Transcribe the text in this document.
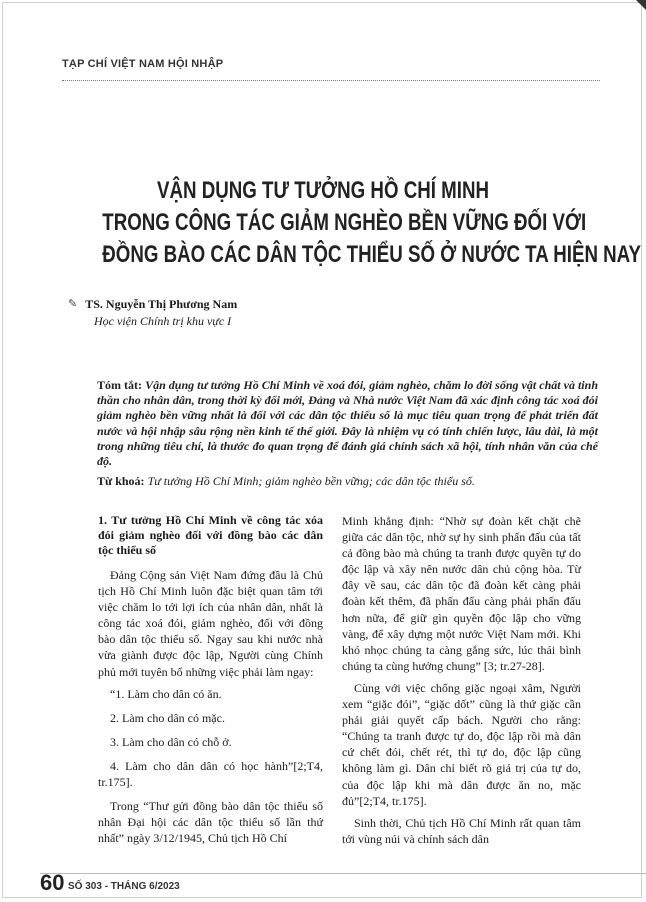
TẠP CHÍ VIỆT NAM HỘI NHẬP
VẬN DỤNG TƯ TƯỞNG HỒ CHÍ MINH
TRONG CÔNG TÁC GIẢM NGHÈO BỀN VỮNG ĐỐI VỚI
ĐỒNG BÀO CÁC DÂN TỘC THIỂU SỐ Ở NƯỚC TA HIỆN NAY
✎ TS. Nguyễn Thị Phương Nam
Học viện Chính trị khu vực I
Tóm tắt: Vận dụng tư tưởng Hồ Chí Minh về xoá đói, giảm nghèo, chăm lo đời sống vật chất và tinh thần cho nhân dân, trong thời kỳ đổi mới, Đảng và Nhà nước Việt Nam đã xác định công tác xoá đói giảm nghèo bền vững nhất là đối với các dân tộc thiểu số là mục tiêu quan trọng để phát triển đất nước và hội nhập sâu rộng nền kinh tế thế giới. Đây là nhiệm vụ có tính chiến lược, lâu dài, là một trong những tiêu chí, là thước đo quan trọng để đánh giá chính sách xã hội, tính nhân văn của chế độ.
Từ khoá: Tư tưởng Hồ Chí Minh; giảm nghèo bền vững; các dân tộc thiểu số.
1. Tư tưởng Hồ Chí Minh về công tác xóa đói giảm nghèo đối với đồng bào các dân tộc thiểu số

Đảng Cộng sản Việt Nam đứng đầu là Chủ tịch Hồ Chí Minh luôn đặc biệt quan tâm tới việc chăm lo tới lợi ích của nhân dân, nhất là công tác xoá đói, giảm nghèo, đối với đồng bào dân tộc thiểu số. Ngay sau khi nước nhà vừa giành được độc lập, Người cùng Chính phủ mới tuyên bố những việc phải làm ngay:

“1. Làm cho dân có ăn.

2. Làm cho dân có mặc.

3. Làm cho dân có chỗ ở.

4. Làm cho dân dân có học hành”[2;T4, tr.175].

Trong “Thư gửi đồng bào dân tộc thiểu số nhân Đại hội các dân tộc thiểu số lần thứ nhất” ngày 3/12/1945, Chủ tịch Hồ Chí

Minh khẳng định: “Nhờ sự đoàn kết chặt chẽ giữa các dân tộc, nhờ sự hy sinh phấn đấu của tất cả đồng bào mà chúng ta tranh được quyền tự do độc lập và xây nên nước dân chủ cộng hòa. Từ đây về sau, các dân tộc đã đoàn kết càng phải đoàn kết thêm, đã phấn đấu càng phải phấn đấu hơn nữa, để giữ gìn quyền độc lập cho vững vàng, để xây dựng một nước Việt Nam mới. Khi khó nhọc chúng ta càng gắng sức, lúc thái bình chúng ta cùng hưởng chung” [3; tr.27-28].

Cùng với việc chống giặc ngoại xâm, Người xem “giặc đói”, “giặc dốt” cũng là thứ giặc cần phải giải quyết cấp bách. Người cho rằng: “Chúng ta tranh được tự do, độc lập rồi mà dân cứ chết đói, chết rét, thì tự do, độc lập cũng không làm gì. Dân chỉ biết rõ giá trị của tự do, của độc lập khi mà dân được ăn no, mặc đủ”[2;T4, tr.175].

Sinh thời, Chủ tịch Hồ Chí Minh rất quan tâm tới vùng núi và chính sách dân

60 SỐ 303 - THÁNG 6/2023
